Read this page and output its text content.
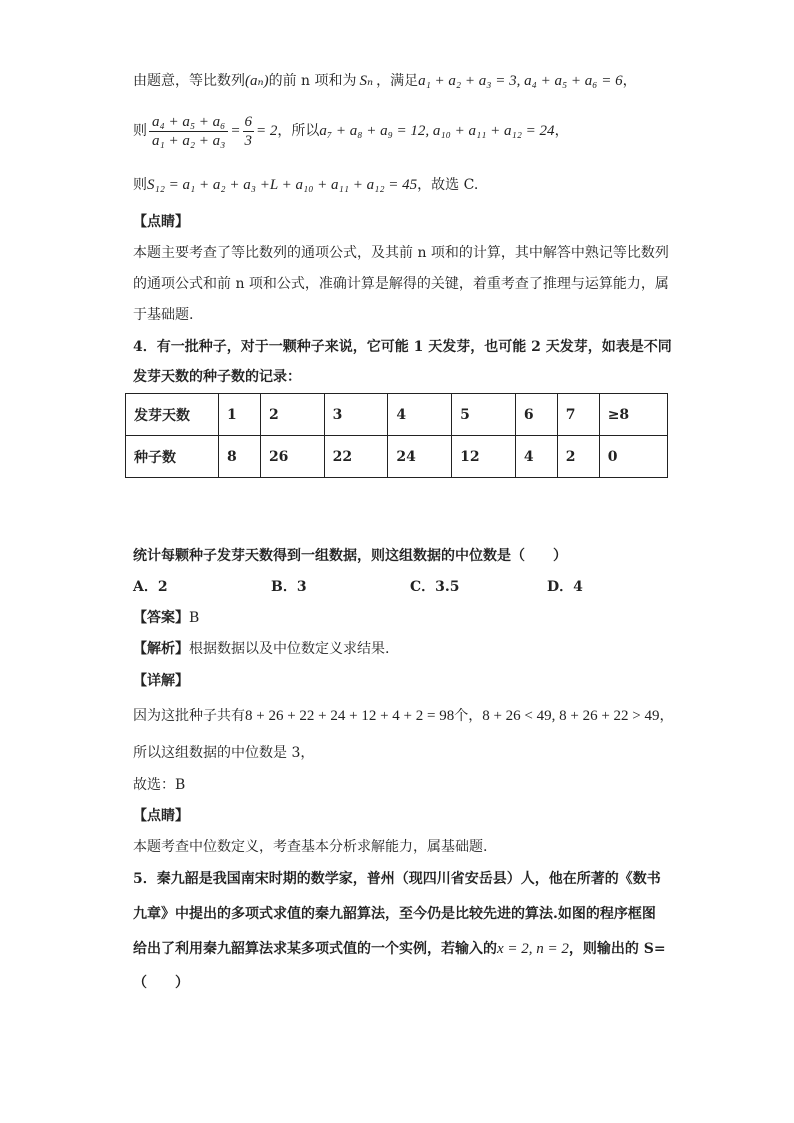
由题意，等比数列(aₙ)的前 n 项和为 Sₙ ，满足a₁ + a₂ + a₃ = 3, a₄ + a₅ + a₆ = 6，
则 $\frac{\text{a₄ + a₅ + a₆}}{\text{a₁ + a₂ + a₃}} = \frac{6}{3} = 2$，所以a₇ + a₈ + a₉ = 12, a₁₀ + a₁₁ + a₁₂ = 24，
则S₁₂ = a₁ + a₂ + a₃ +L + a₁₀ + a₁₁ + a₁₂ = 45，故选 C.
【点睛】
本题主要考查了等比数列的通项公式，及其前 n 项和的计算，其中解答中熟记等比数列
的通项公式和前 n 项和公式，准确计算是解得的关键，着重考查了推理与运算能力，属
于基础题.
4．有一批种子，对于一颗种子来说，它可能 1 天发芽，也可能 2 天发芽，如表是不同
发芽天数的种子数的记录：
发芽天数	1	2	3	4	5	6	7	≥8
种子数	8	26	22	24	12	4	2	0
统计每颗种子发芽天数得到一组数据，则这组数据的中位数是（　　）
A．2	B．3	C．3.5	D．4
【答案】B
【解析】根据数据以及中位数定义求结果.
【详解】
因为这批种子共有8 + 26 + 22 + 24 + 12 + 4 + 2 = 98个，8 + 26 < 49, 8 + 26 + 22 > 49，
所以这组数据的中位数是 3，
故选：B
【点睛】
本题考查中位数定义，考查基本分析求解能力，属基础题.
5．秦九韶是我国南宋时期的数学家，普州（现四川省安岳县）人，他在所著的《数书
九章》中提出的多项式求值的秦九韶算法，至今仍是比较先进的算法.如图的程序框图
给出了利用秦九韶算法求某多项式值的一个实例，若输入的x = 2, n = 2，则输出的 S=
（　　）
